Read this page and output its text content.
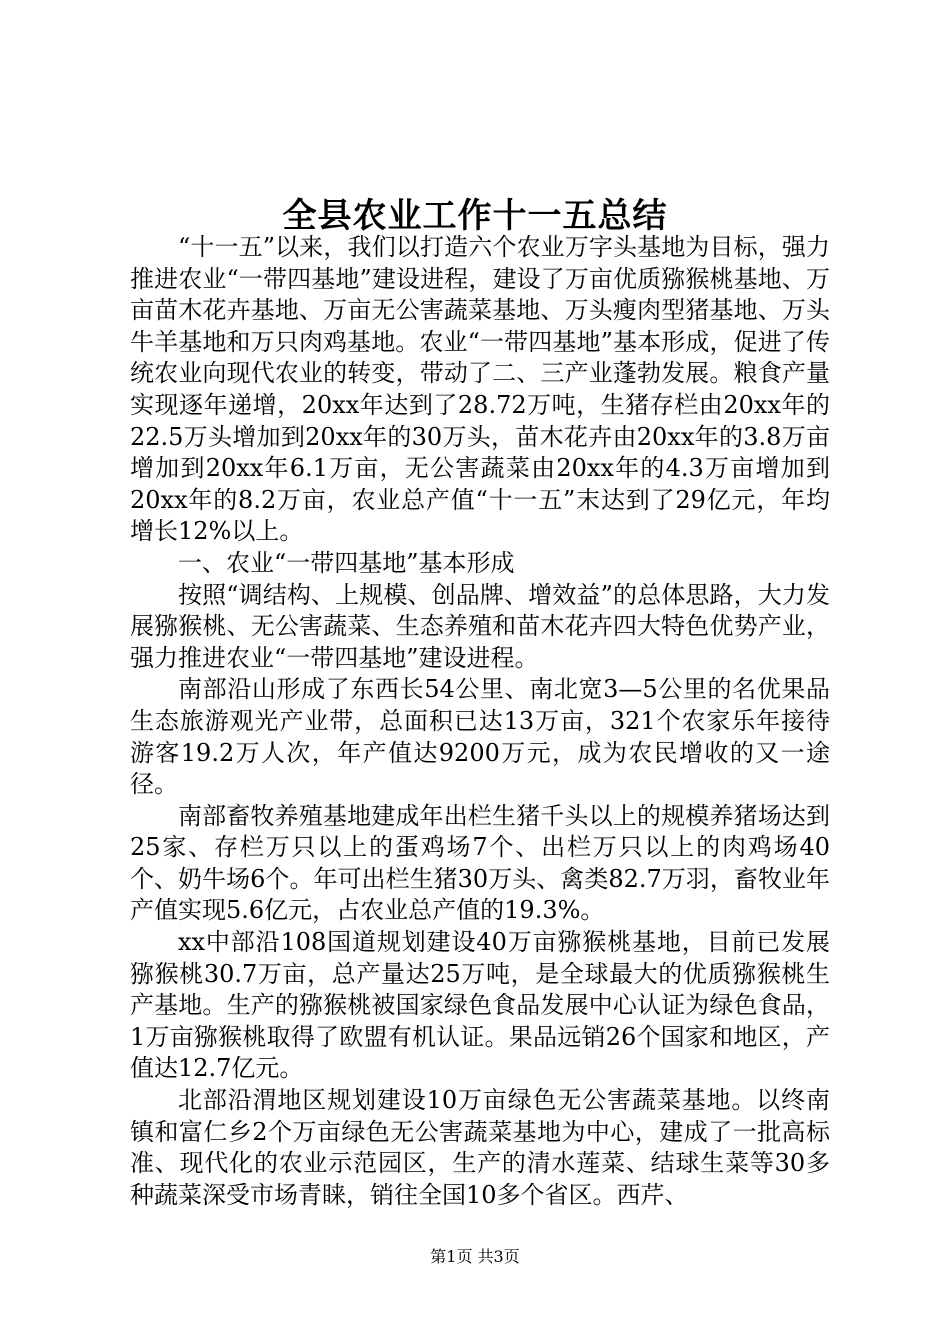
全县农业工作十一五总结

“十一五”以来，我们以打造六个农业万字头基地为目标，强力推进农业“一带四基地”建设进程，建设了万亩优质猕猴桃基地、万亩苗木花卉基地、万亩无公害蔬菜基地、万头瘦肉型猪基地、万头牛羊基地和万只肉鸡基地。农业“一带四基地”基本形成，促进了传统农业向现代农业的转变，带动了二、三产业蓬勃发展。粮食产量实现逐年递增，20xx年达到了28.72万吨，生猪存栏由20xx年的22.5万头增加到20xx年的30万头，苗木花卉由20xx年的3.8万亩增加到20xx年6.1万亩，无公害蔬菜由20xx年的4.3万亩增加到20xx年的8.2万亩，农业总产值“十一五”末达到了29亿元，年均增长12%以上。

一、农业“一带四基地”基本形成

按照“调结构、上规模、创品牌、增效益”的总体思路，大力发展猕猴桃、无公害蔬菜、生态养殖和苗木花卉四大特色优势产业，强力推进农业“一带四基地”建设进程。

南部沿山形成了东西长54公里、南北宽3—5公里的名优果品生态旅游观光产业带，总面积已达13万亩，321个农家乐年接待游客19.2万人次，年产值达9200万元，成为农民增收的又一途径。

南部畜牧养殖基地建成年出栏生猪千头以上的规模养猪场达到25家、存栏万只以上的蛋鸡场7个、出栏万只以上的肉鸡场40个、奶牛场6个。年可出栏生猪30万头、禽类82.7万羽，畜牧业年产值实现5.6亿元，占农业总产值的19.3%。

xx中部沿108国道规划建设40万亩猕猴桃基地，目前已发展猕猴桃30.7万亩，总产量达25万吨，是全球最大的优质猕猴桃生产基地。生产的猕猴桃被国家绿色食品发展中心认证为绿色食品，1万亩猕猴桃取得了欧盟有机认证。果品远销26个国家和地区，产值达12.7亿元。

北部沿渭地区规划建设10万亩绿色无公害蔬菜基地。以终南镇和富仁乡2个万亩绿色无公害蔬菜基地为中心，建成了一批高标准、现代化的农业示范园区，生产的清水莲菜、结球生菜等30多种蔬菜深受市场青睐，销往全国10多个省区。西芹、

第1页 共3页
